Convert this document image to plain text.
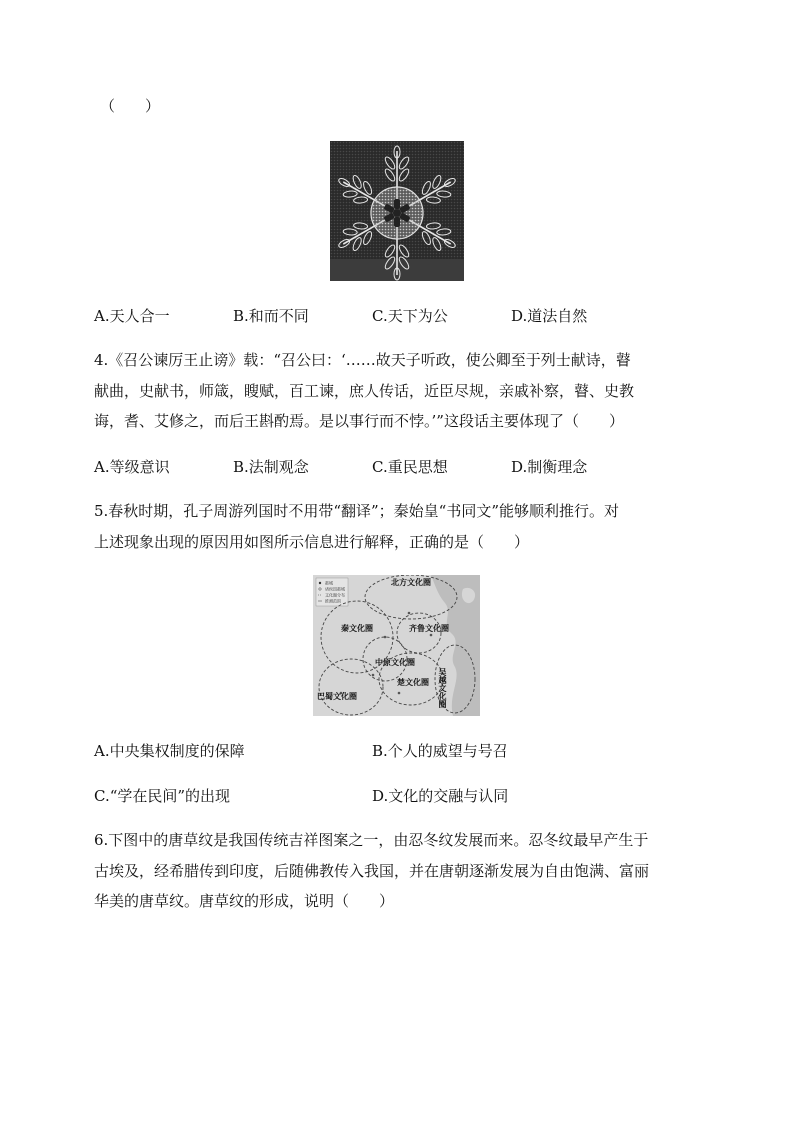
（　　）
A.天人合一	B.和而不同	C.天下为公	D.道法自然
4.《召公谏厉王止谤》载：“召公曰：‘……故天子听政，使公卿至于列士献诗，瞽
献曲，史献书，师箴，瞍赋，百工谏，庶人传话，近臣尽规，亲戚补察，瞽、史教
诲，耆、艾修之，而后王斟酌焉。是以事行而不悖。’”这段话主要体现了（　　）
A.等级意识	B.法制观念	C.重民思想	D.制衡理念
5.春秋时期，孔子周游列国时不用带“翻译”；秦始皇“书同文”能够顺利推行。对
上述现象出现的原因用如图所示信息进行解释，正确的是（　　）
都城
诸侯国都城
文化圈分布
推测范围
北方文化圈
秦文化圈	齐鲁文化圈
中原文化圈
楚文化圈
巴蜀文化圈	吴越文化圈
A.中央集权制度的保障	B.个人的威望与号召
C.“学在民间”的出现	D.文化的交融与认同
6.下图中的唐草纹是我国传统吉祥图案之一，由忍冬纹发展而来。忍冬纹最早产生于
古埃及，经希腊传到印度，后随佛教传入我国，并在唐朝逐渐发展为自由饱满、富丽
华美的唐草纹。唐草纹的形成，说明（　　）
